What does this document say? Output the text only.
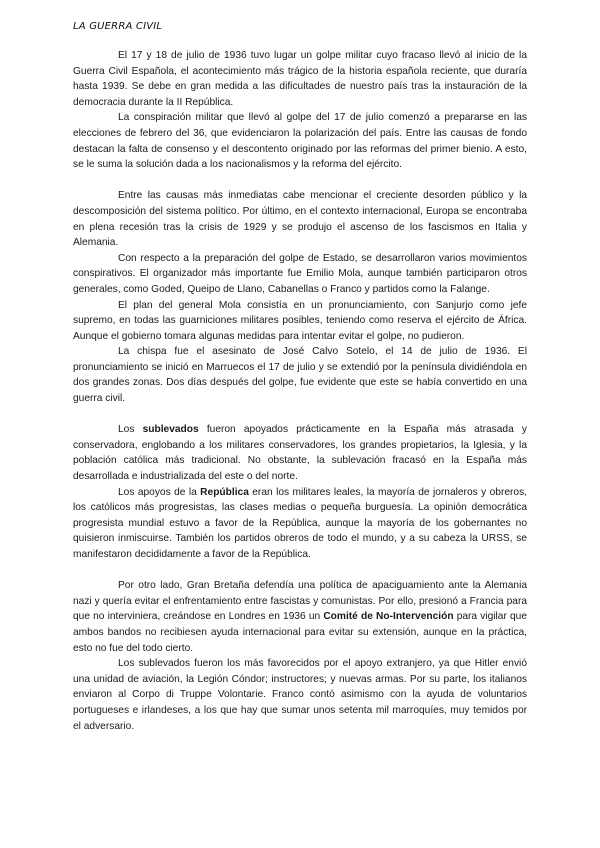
LA GUERRA CIVIL

El 17 y 18 de julio de 1936 tuvo lugar un golpe militar cuyo fracaso llevó al inicio de la Guerra Civil Española, el acontecimiento más trágico de la historia española reciente, que duraría hasta 1939. Se debe en gran medida a las dificultades de nuestro país tras la instauración de la democracia durante la II República.

La conspiración militar que llevó al golpe del 17 de julio comenzó a prepararse en las elecciones de febrero del 36, que evidenciaron la polarización del país. Entre las causas de fondo destacan la falta de consenso y el descontento originado por las reformas del primer bienio. A esto, se le suma la solución dada a los nacionalismos y la reforma del ejército.

Entre las causas más inmediatas cabe mencionar el creciente desorden público y la descomposición del sistema político. Por último, en el contexto internacional, Europa se encontraba en plena recesión tras la crisis de 1929 y se produjo el ascenso de los fascismos en Italia y Alemania.

Con respecto a la preparación del golpe de Estado, se desarrollaron varios movimientos conspirativos. El organizador más importante fue Emilio Mola, aunque también participaron otros generales, como Goded, Queipo de Llano, Cabanellas o Franco y partidos como la Falange.

El plan del general Mola consistía en un pronunciamiento, con Sanjurjo como jefe supremo, en todas las guarniciones militares posibles, teniendo como reserva el ejército de África. Aunque el gobierno tomara algunas medidas para intentar evitar el golpe, no pudieron.

La chispa fue el asesinato de José Calvo Sotelo, el 14 de julio de 1936. El pronunciamiento se inició en Marruecos el 17 de julio y se extendió por la península dividiéndola en dos grandes zonas. Dos días después del golpe, fue evidente que este se había convertido en una guerra civil.

Los sublevados fueron apoyados prácticamente en la España más atrasada y conservadora, englobando a los militares conservadores, los grandes propietarios, la Iglesia, y la población católica más tradicional. No obstante, la sublevación fracasó en la España más desarrollada e industrializada del este o del norte.

Los apoyos de la República eran los militares leales, la mayoría de jornaleros y obreros, los católicos más progresistas, las clases medias o pequeña burguesía. La opinión democrática progresista mundial estuvo a favor de la República, aunque la mayoría de los gobernantes no quisieron inmiscuirse. También los partidos obreros de todo el mundo, y a su cabeza la URSS, se manifestaron decididamente a favor de la República.

Por otro lado, Gran Bretaña defendía una política de apaciguamiento ante la Alemania nazi y quería evitar el enfrentamiento entre fascistas y comunistas. Por ello, presionó a Francia para que no interviniera, creándose en Londres en 1936 un Comité de No-Intervención para vigilar que ambos bandos no recibiesen ayuda internacional para evitar su extensión, aunque en la práctica, esto no fue del todo cierto.

Los sublevados fueron los más favorecidos por el apoyo extranjero, ya que Hitler envió una unidad de aviación, la Legión Cóndor; instructores; y nuevas armas. Por su parte, los italianos enviaron al Corpo di Truppe Volontarie. Franco contó asimismo con la ayuda de voluntarios portugueses e irlandeses, a los que hay que sumar unos setenta mil marroquíes, muy temidos por el adversario.
